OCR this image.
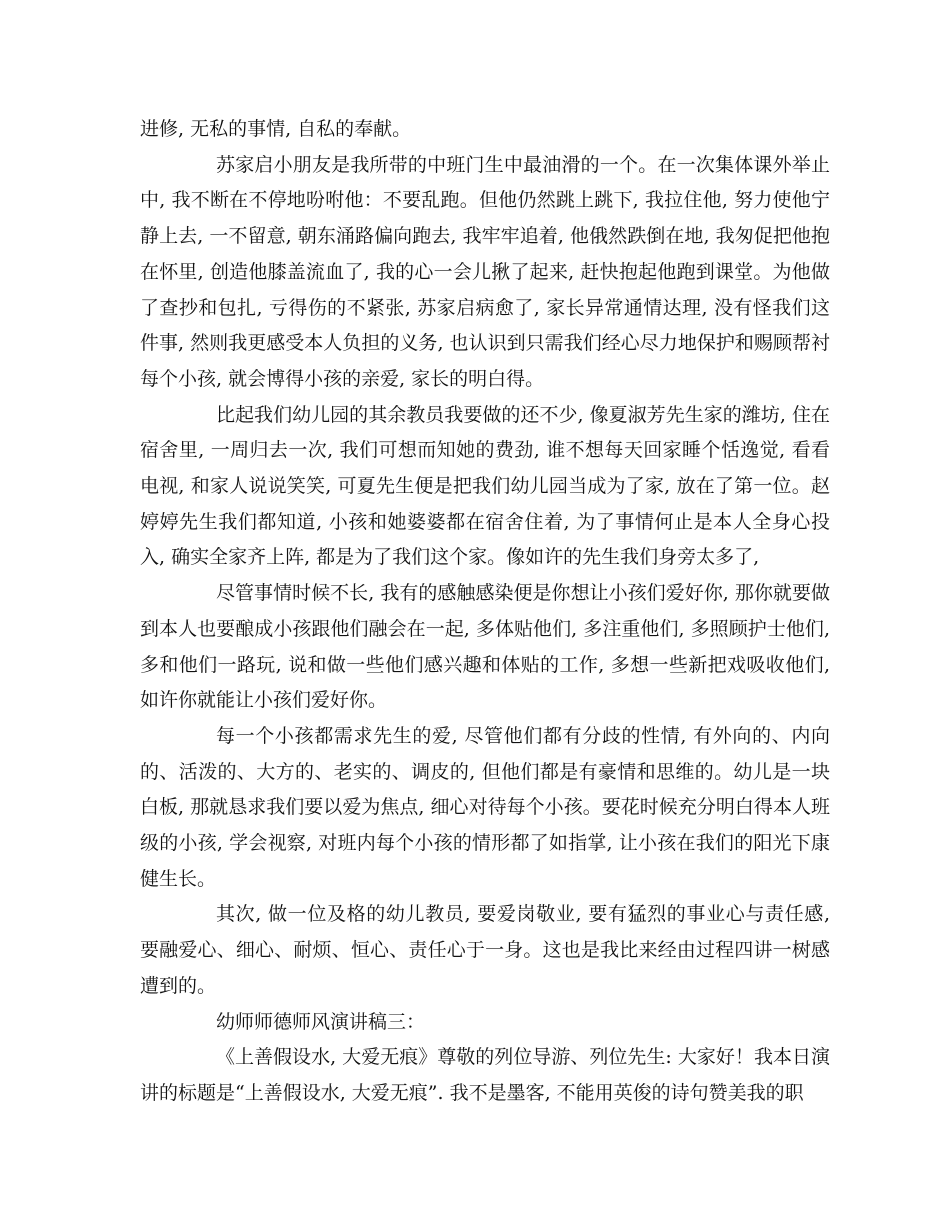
进修, 无私的事情, 自私的奉献。

苏家启小朋友是我所带的中班门生中最油滑的一个。在一次集体课外举止中, 我不断在不停地吩咐他：不要乱跑。但他仍然跳上跳下, 我拉住他, 努力使他宁静上去, 一不留意, 朝东涌路偏向跑去, 我牢牢追着, 他俄然跌倒在地, 我匆促把他抱在怀里, 创造他膝盖流血了, 我的心一会儿揪了起来, 赶快抱起他跑到课堂。为他做了查抄和包扎, 亏得伤的不紧张, 苏家启病愈了, 家长异常通情达理, 没有怪我们这件事, 然则我更感受本人负担的义务, 也认识到只需我们经心尽力地保护和赐顾帮衬每个小孩, 就会博得小孩的亲爱, 家长的明白得。

比起我们幼儿园的其余教员我要做的还不少, 像夏淑芳先生家的潍坊, 住在宿舍里, 一周归去一次, 我们可想而知她的费劲, 谁不想每天回家睡个恬逸觉, 看看电视, 和家人说说笑笑, 可夏先生便是把我们幼儿园当成为了家, 放在了第一位。赵婷婷先生我们都知道, 小孩和她婆婆都在宿舍住着, 为了事情何止是本人全身心投入, 确实全家齐上阵, 都是为了我们这个家。像如许的先生我们身旁太多了,

尽管事情时候不长, 我有的感触感染便是你想让小孩们爱好你, 那你就要做到本人也要酿成小孩跟他们融会在一起, 多体贴他们, 多注重他们, 多照顾护士他们, 多和他们一路玩, 说和做一些他们感兴趣和体贴的工作, 多想一些新把戏吸收他们, 如许你就能让小孩们爱好你。

每一个小孩都需求先生的爱, 尽管他们都有分歧的性情, 有外向的、内向的、活泼的、大方的、老实的、调皮的, 但他们都是有豪情和思维的。幼儿是一块白板, 那就恳求我们要以爱为焦点, 细心对待每个小孩。要花时候充分明白得本人班级的小孩, 学会视察, 对班内每个小孩的情形都了如指掌, 让小孩在我们的阳光下康健生长。

其次, 做一位及格的幼儿教员, 要爱岗敬业, 要有猛烈的事业心与责任感, 要融爱心、细心、耐烦、恒心、责任心于一身。这也是我比来经由过程四讲一树感遭到的。

幼师师德师风演讲稿三：

《上善假设水, 大爱无痕》尊敬的列位导游、列位先生: 大家好！我本日演讲的标题是“上善假设水, 大爱无痕”. 我不是墨客, 不能用英俊的诗句赞美我的职
